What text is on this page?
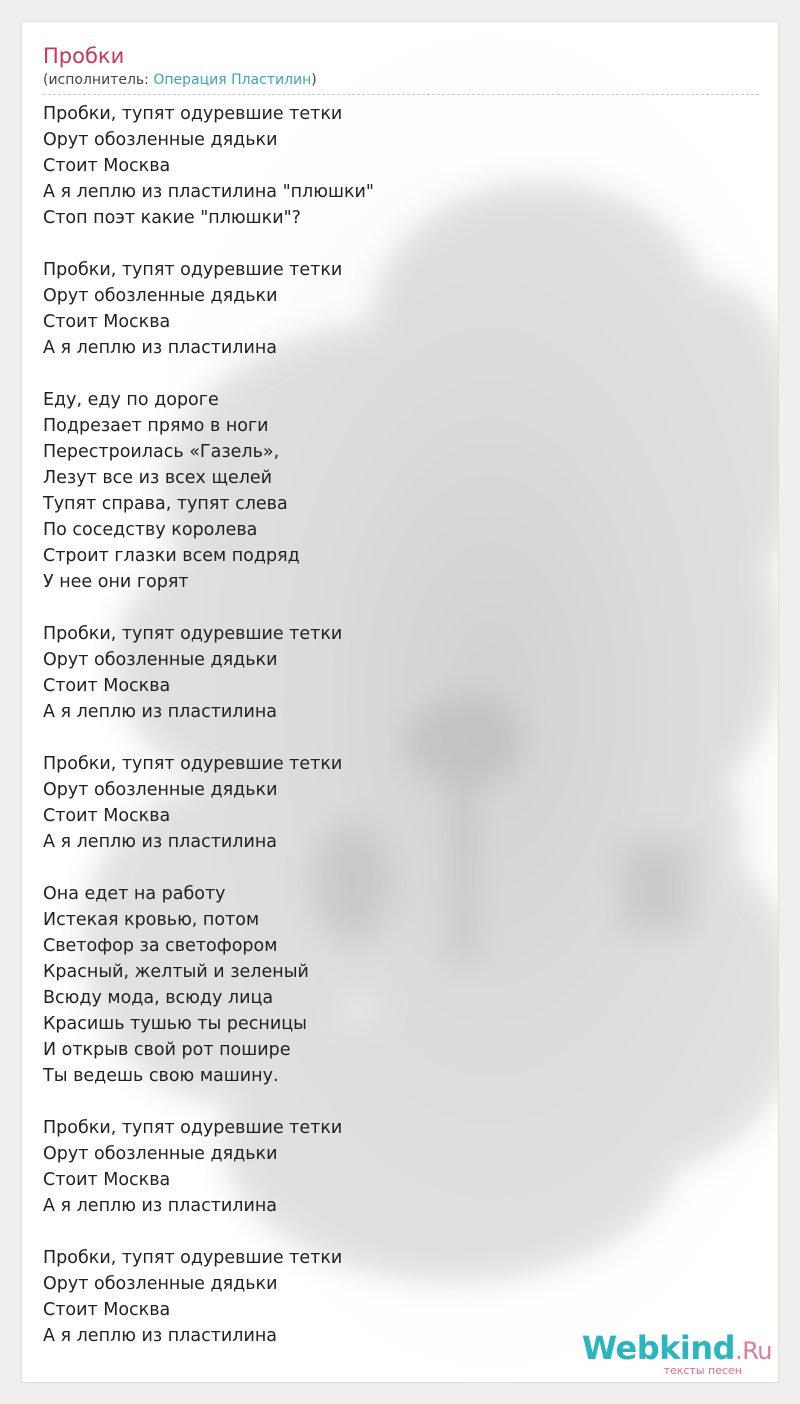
Пробки
(исполнитель: Операция Пластилин)
Пробки, тупят одуревшие тетки
Орут обозленные дядьки
Стоит Москва
А я леплю из пластилина "плюшки"
Стоп поэт какие "плюшки"?
Пробки, тупят одуревшие тетки
Орут обозленные дядьки
Стоит Москва
А я леплю из пластилина
Еду, еду по дороге
Подрезает прямо в ноги
Перестроилась «Газель»,
Лезут все из всех щелей
Тупят справа, тупят слева
По соседству королева
Строит глазки всем подряд
У нее они горят
Пробки, тупят одуревшие тетки
Орут обозленные дядьки
Стоит Москва
А я леплю из пластилина
Пробки, тупят одуревшие тетки
Орут обозленные дядьки
Стоит Москва
А я леплю из пластилина
Она едет на работу
Истекая кровью, потом
Светофор за светофором
Красный, желтый и зеленый
Всюду мода, всюду лица
Красишь тушью ты ресницы
И открыв свой рот пошире
Ты ведешь свою машину.
Пробки, тупят одуревшие тетки
Орут обозленные дядьки
Стоит Москва
А я леплю из пластилина
Пробки, тупят одуревшие тетки
Орут обозленные дядьки
Стоит Москва
А я леплю из пластилина	Webkind.Ru
тексты песен
